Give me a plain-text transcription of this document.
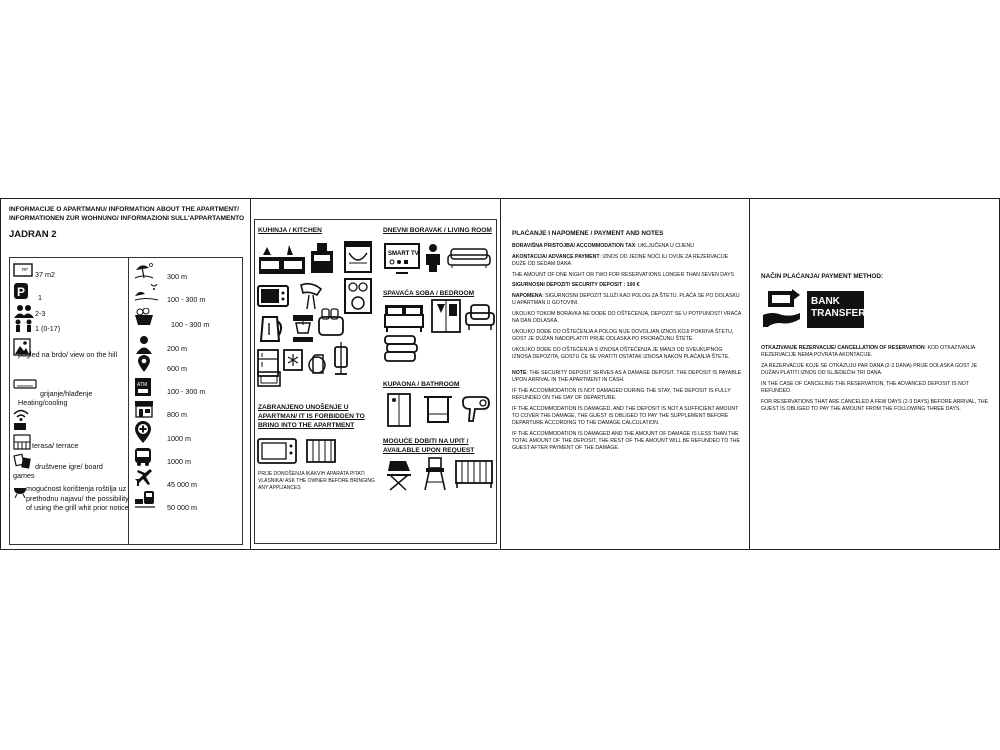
INFORMACIJE O APARTMANU/ INFORMATION ABOUT THE APARTMENT/ INFORMATIONEN ZUR WOHNUNG/ INFORMAZIONI SULL'APPARTAMENTO
JADRAN 2
m² 37 m2
P 1
2-3
1 (0-17)
pogled na brdo/ view on the hill
grijanje/hlađenje Heating/cooling
terasa/ terrace
društvene igre/ board games
mogućnost korištenja roštilja uz prethodnu najavu/ the possibility of using the grill whit prior notice
300 m
100 - 300 m
100 - 300 m
200 m
600 m
ATM
100 - 300 m
800 m
1000 m
1000 m
45 000 m
50 000 m
KUHINJA / KITCHEN	DNEVNI BORAVAK / LIVING ROOM
SMART TV
SPAVAĆA SOBA / BEDROOM
KUPAONA / BATHROOM
ZABRANJENO UNOŠENJE U APARTMAN/ IT IS FORBIDDEN TO BRING INTO THE APARTMENT
PRIJE DONOŠENJA IKAKVIH APARATA PITATI VLASNIKA/ ASK THE OWNER BEFORE BRINGING ANY APPLIANCES
MOGUĆE DOBITI NA UPIT / AVAILABLE UPON REQUEST
PLAĆANJE I NAPOMENE / PAYMENT AND NOTES

BORAVIŠNA PRISTOJBA/ ACCOMMODATION TAX: UKLJUČENA U CIJENU

AKONTACIJA/ ADVANCE PAYMENT: IZNOS OD JEDNE NOĆI ILI DVIJE ZA REZERVACIJE DUŽE OD SEDAM DANA

THE AMOUNT OF ONE NIGHT OR TWO FOR RESERVATIONS LONGER THAN SEVEN DAYS

SIGURNOSNI DEPOZIT/ SECURITY DEPOSIT : 100 €

NAPOMENA: SIGURNOSNI DEPOZIT SLUŽI KAO POLOG ZA ŠTETU. PLAĆA SE PO DOLASKU U APARTMAN U GOTOVINI.

UKOLIKO TOKOM BORAVKA NE DOĐE DO OŠTEĆENJA, DEPOZIT SE U POTPUNOSTI VRAĆA NA DAN ODLASKA.

UKOLIKO DOĐE DO OŠTEĆENJA A POLOG NIJE DOVOLJAN IZNOS KOJI POKRIVA ŠTETU, GOST JE DUŽAN NADOPLATITI PRIJE ODLASKA PO PRORAČUNU ŠTETE.

UKOLIKO DOĐE DO OŠTEĆENJA S IZNOSA OŠTEĆENJA JE MANJI OD SVEUKUPNOG IZNOSA DEPOZITA, GOSTU ĆE SE VRATITI OSTATAK IZNOSA NAKON PLAĆANJA ŠTETE.

NOTE: THE SECURITY DEPOSIT SERVES AS A DAMAGE DEPOSIT. THE DEPOSIT IS PAYABLE UPON ARRIVAL IN THE APARTMENT IN CASH.

IF THE ACCOMMODATION IS NOT DAMAGED DURING THE STAY, THE DEPOSIT IS FULLY REFUNDED ON THE DAY OF DEPARTURE.

IF THE ACCOMMODATION IS DAMAGED, AND THE DEPOSIT IS NOT A SUFFICIENT AMOUNT TO COVER THE DAMAGE, THE GUEST IS OBLIGED TO PAY THE SUPPLEMENT BEFORE DEPARTURE ACCORDING TO THE DAMAGE CALCULATION.

IF THE ACCOMMODATION IS DAMAGED AND THE AMOUNT OF DAMAGE IS LESS THAN THE TOTAL AMOUNT OF THE DEPOSIT, THE REST OF THE AMOUNT WILL BE REFUNDED TO THE GUEST AFTER PAYMENT OF THE DAMAGE.

NAČIN PLAĆANJA/ PAYMENT METHOD:
BANK
TRANSFER

OTKAZIVANJE REZERVACIJE/ CANCELLATION OF RESERVATION: KOD OTKAZIVANJA REZERVACIJE NEMA POVRATA AKONTACIJE.

ZA REZERVACIJE KOJE SE OTKAZUJU PAR DANA (2-3 DANA) PRIJE DOLASKA GOST JE DUŽAN PLATITI IZNOS OD SLJEDEĆIH TRI DANA.

IN THE CASE OF CANCELING THE RESERVATION, THE ADVANCED DEPOSIT IS NOT REFUNDED.

FOR RESERVATIONS THAT ARE CANCELED A FEW DAYS (2-3 DAYS) BEFORE ARRIVAL, THE GUEST IS OBLIGED TO PAY THE AMOUNT FROM THE FOLLOWING THREE DAYS.
